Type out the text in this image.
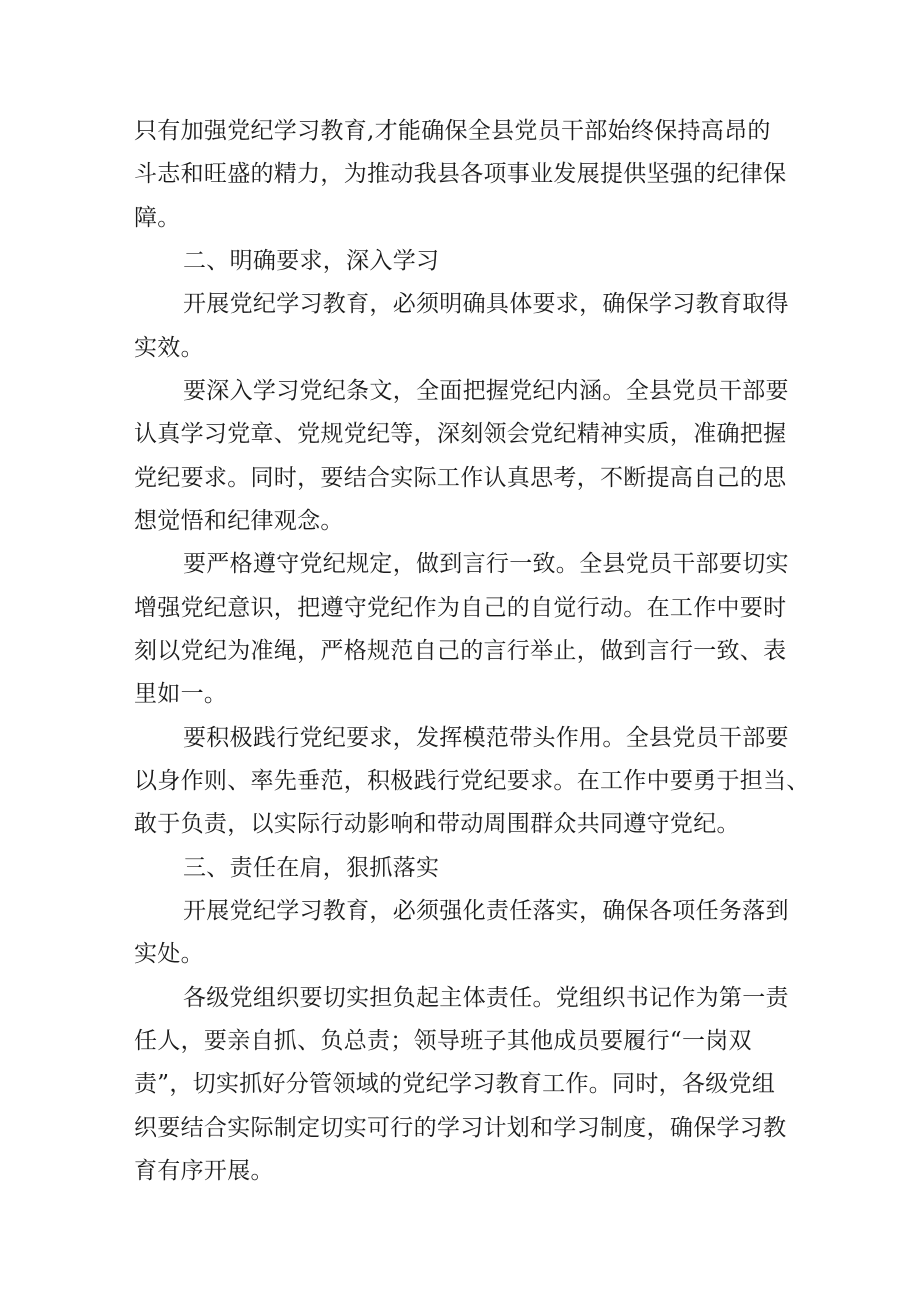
只有加强党纪学习教育,才能确保全县党员干部始终保持高昂的
斗志和旺盛的精力，为推动我县各项事业发展提供坚强的纪律保
障。
二、明确要求，深入学习
开展党纪学习教育，必须明确具体要求，确保学习教育取得
实效。
要深入学习党纪条文，全面把握党纪内涵。全县党员干部要
认真学习党章、党规党纪等，深刻领会党纪精神实质，准确把握
党纪要求。同时，要结合实际工作认真思考，不断提高自己的思
想觉悟和纪律观念。
要严格遵守党纪规定，做到言行一致。全县党员干部要切实
增强党纪意识，把遵守党纪作为自己的自觉行动。在工作中要时
刻以党纪为准绳，严格规范自己的言行举止，做到言行一致、表
里如一。
要积极践行党纪要求，发挥模范带头作用。全县党员干部要
以身作则、率先垂范，积极践行党纪要求。在工作中要勇于担当、
敢于负责，以实际行动影响和带动周围群众共同遵守党纪。
三、责任在肩，狠抓落实
开展党纪学习教育，必须强化责任落实，确保各项任务落到
实处。
各级党组织要切实担负起主体责任。党组织书记作为第一责
任人，要亲自抓、负总责；领导班子其他成员要履行“一岗双
责”，切实抓好分管领域的党纪学习教育工作。同时，各级党组
织要结合实际制定切实可行的学习计划和学习制度，确保学习教
育有序开展。
